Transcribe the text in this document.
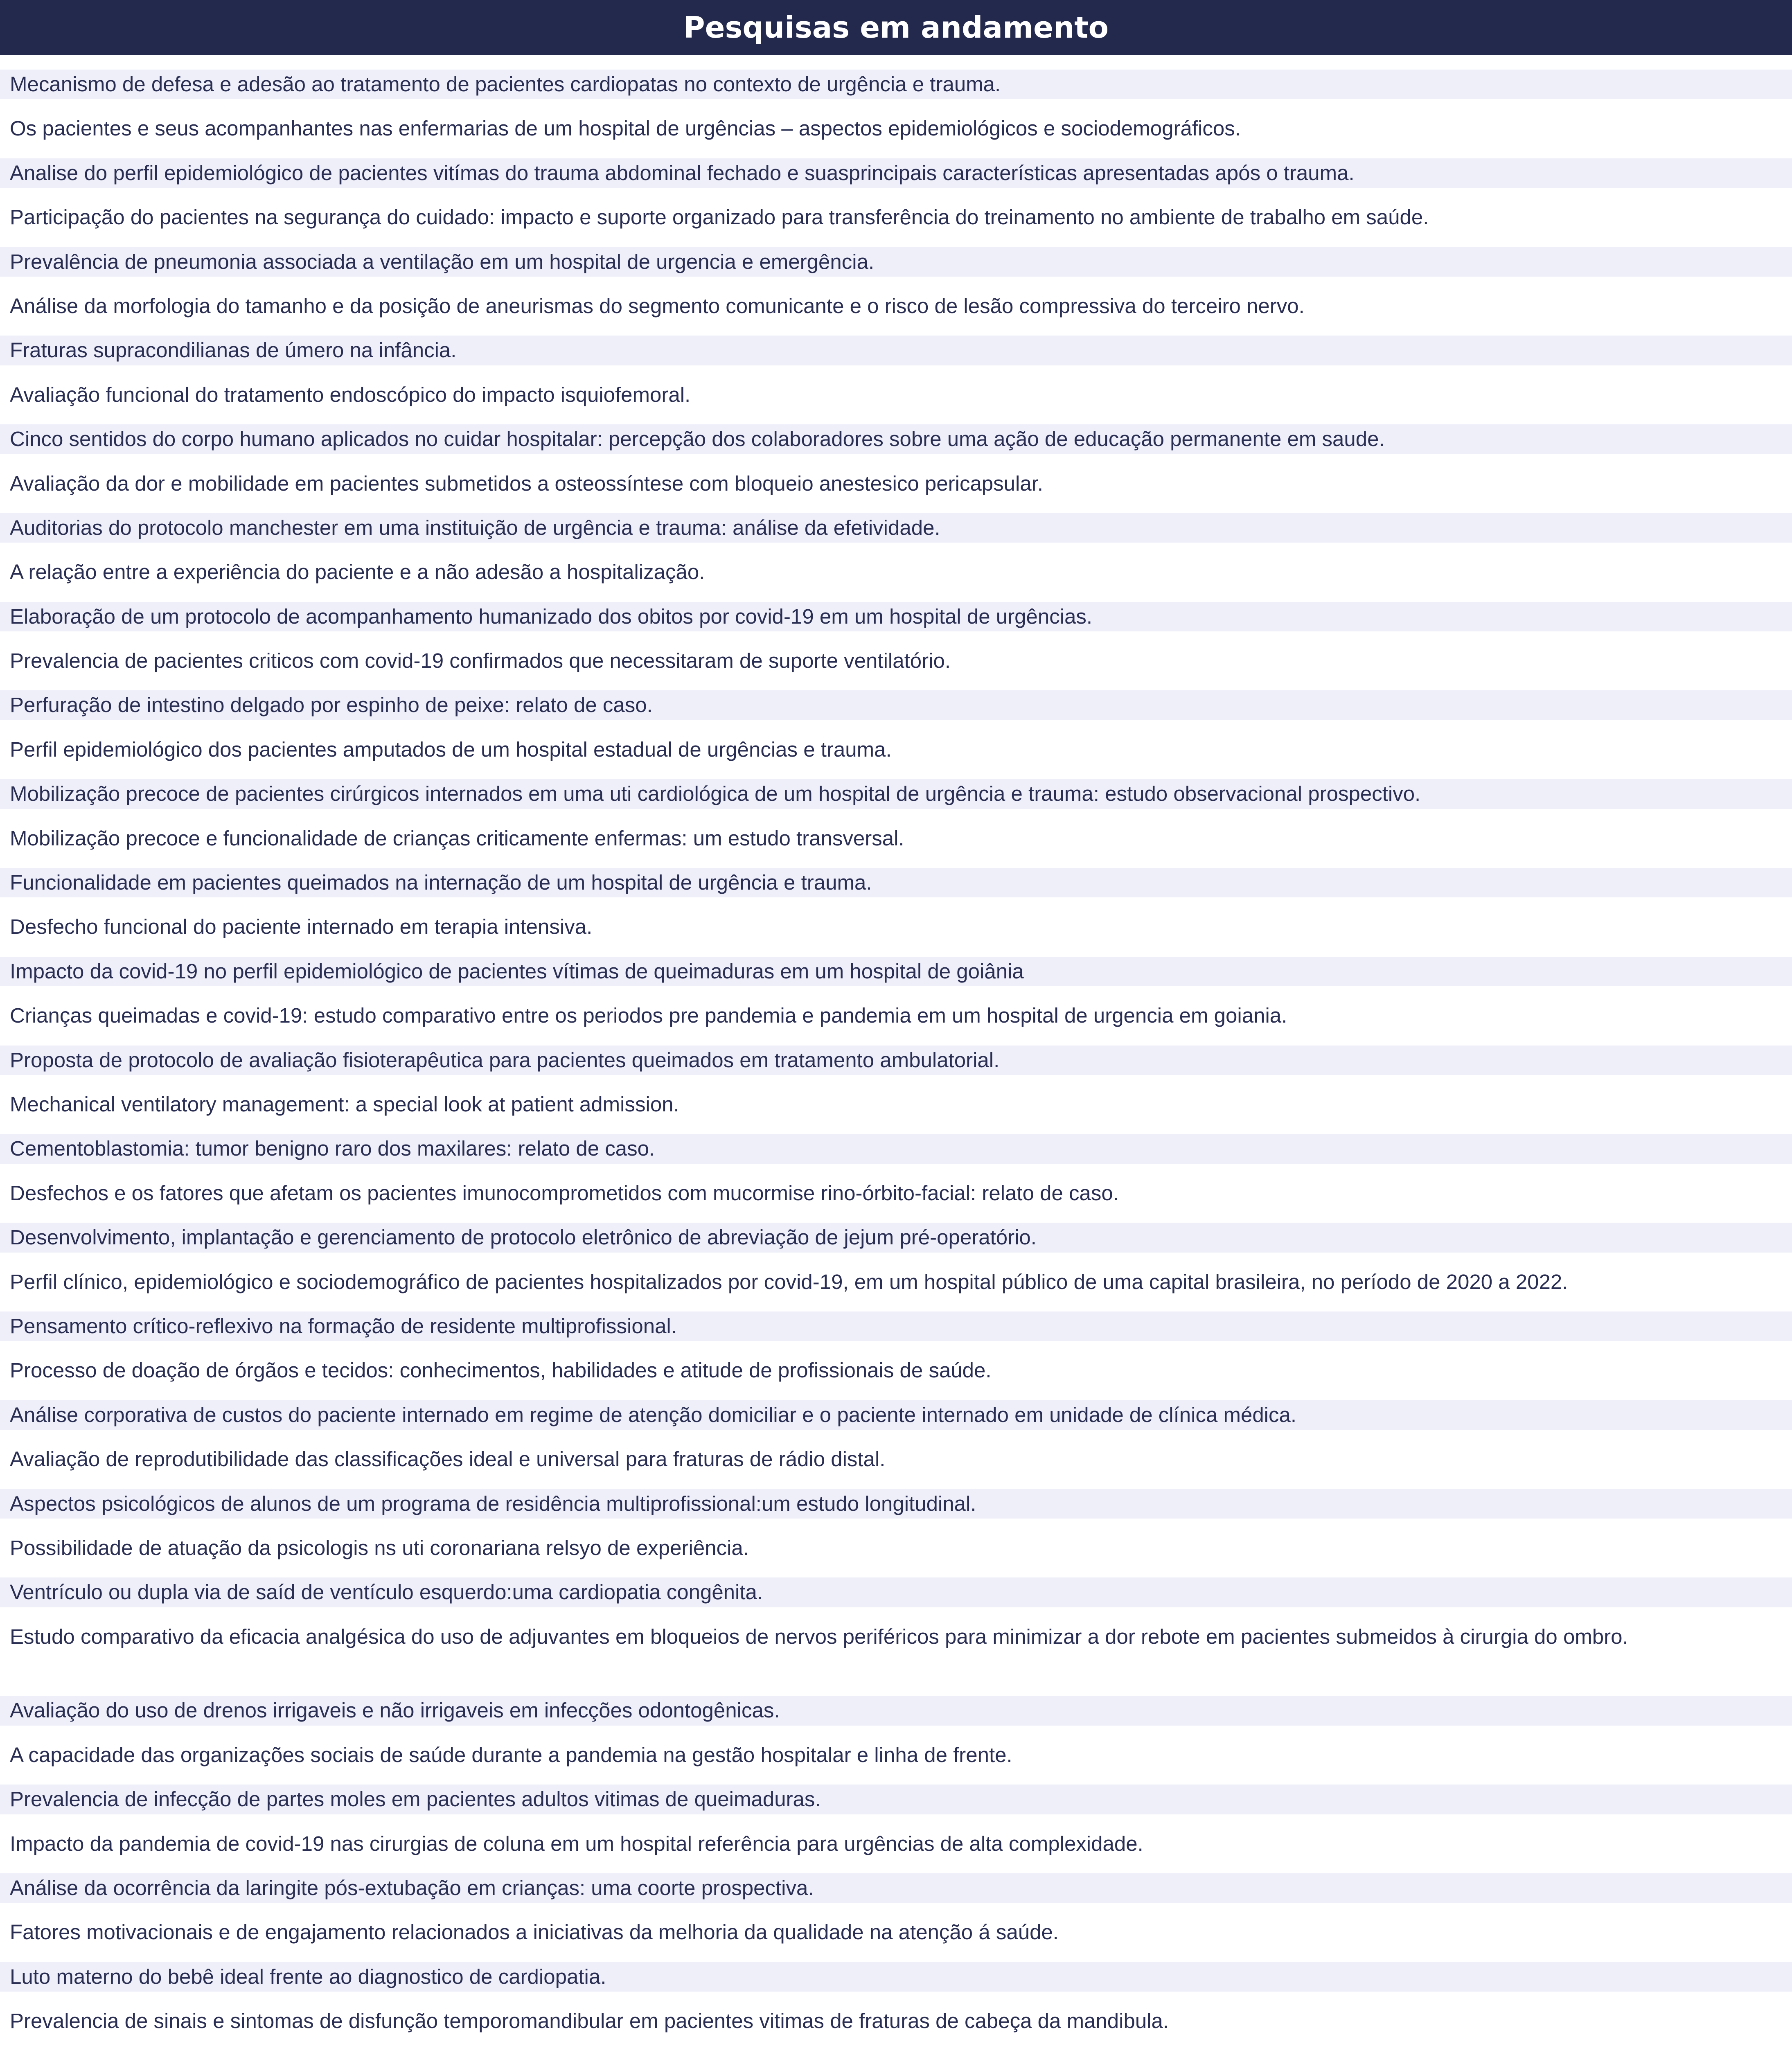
Pesquisas em andamento
Mecanismo de defesa e adesão ao tratamento de pacientes cardiopatas no contexto de urgência e trauma.
Os pacientes e seus acompanhantes nas enfermarias de um hospital de urgências – aspectos epidemiológicos e sociodemográficos.
Analise do perfil epidemiológico de pacientes vitímas do trauma abdominal fechado e suasprincipais características apresentadas após o trauma.
Participação do pacientes na segurança do cuidado: impacto e suporte organizado para transferência do treinamento no ambiente de trabalho em saúde.
Prevalência de pneumonia associada a ventilação em um hospital de urgencia e emergência.
Análise da morfologia do tamanho e da posição de aneurismas do segmento comunicante e o risco de lesão compressiva do terceiro nervo.
Fraturas supracondilianas de úmero na infância.
Avaliação funcional do tratamento endoscópico do impacto isquiofemoral.
Cinco sentidos do corpo humano aplicados no cuidar hospitalar: percepção dos colaboradores sobre uma ação de educação permanente em saude.
Avaliação da dor e mobilidade em pacientes submetidos a osteossíntese com bloqueio anestesico pericapsular.
Auditorias do protocolo manchester em uma instituição de urgência e trauma: análise da efetividade.
A relação entre a experiência do paciente e a não adesão a hospitalização.
Elaboração de um protocolo de acompanhamento humanizado dos obitos por covid-19 em um hospital de urgências.
Prevalencia de pacientes criticos com covid-19 confirmados que necessitaram de suporte ventilatório.
Perfuração de intestino delgado por espinho de peixe: relato de caso.
Perfil epidemiológico dos pacientes amputados de um hospital estadual de urgências e trauma.
Mobilização precoce de pacientes cirúrgicos internados em uma uti cardiológica de um hospital de urgência e trauma: estudo observacional prospectivo.
Mobilização precoce e funcionalidade de crianças criticamente enfermas: um estudo transversal.
Funcionalidade em pacientes queimados na internação de um hospital de urgência e trauma.
Desfecho funcional do paciente internado em terapia intensiva.
Impacto da covid-19 no perfil epidemiológico de pacientes vítimas de queimaduras em um hospital de goiânia
Crianças queimadas e covid-19: estudo comparativo entre os periodos pre pandemia e pandemia em um hospital de urgencia em goiania.
Proposta de protocolo de avaliação fisioterapêutica para pacientes queimados em tratamento ambulatorial.
Mechanical ventilatory management: a special look at patient admission.
Cementoblastomia: tumor benigno raro dos maxilares: relato de caso.
Desfechos e os fatores que afetam os pacientes imunocomprometidos com mucormise rino-órbito-facial: relato de caso.
Desenvolvimento, implantação e gerenciamento de protocolo eletrônico de abreviação de jejum pré-operatório.
Perfil clínico, epidemiológico e sociodemográfico de pacientes hospitalizados por covid-19, em um hospital público de uma capital brasileira, no período de 2020 a 2022.
Pensamento crítico-reflexivo na formação de residente multiprofissional.
Processo de doação de órgãos e tecidos: conhecimentos, habilidades e atitude de profissionais de saúde.
Análise corporativa de custos do paciente internado em regime de atenção domiciliar e o paciente internado em unidade de clínica médica.
Avaliação de reprodutibilidade das classificações ideal e universal para fraturas de rádio distal.
Aspectos psicológicos de alunos de um programa de residência multiprofissional:um estudo longitudinal.
Possibilidade de atuação da psicologis ns uti coronariana relsyo de experiência.
Ventrículo ou dupla via de saíd de ventículo esquerdo:uma cardiopatia congênita.
Estudo comparativo da eficacia analgésica do uso de adjuvantes em bloqueios de nervos periféricos para minimizar a dor rebote em pacientes submeidos à cirurgia do ombro.
Avaliação do uso de drenos irrigaveis e não irrigaveis em infecções odontogênicas.
A capacidade das organizações sociais de saúde durante a pandemia na gestão hospitalar e linha de frente.
Prevalencia de infecção de partes moles em pacientes adultos vitimas de queimaduras.
Impacto da pandemia de covid-19 nas cirurgias de coluna em um hospital referência para urgências de alta complexidade.
Análise da ocorrência da laringite pós-extubação em crianças: uma coorte prospectiva.
Fatores motivacionais e de engajamento relacionados a iniciativas da melhoria da qualidade na atenção á saúde.
Luto materno do bebê ideal frente ao diagnostico de cardiopatia.
Prevalencia de sinais e sintomas de disfunção temporomandibular em pacientes vitimas de fraturas de cabeça da mandibula.
